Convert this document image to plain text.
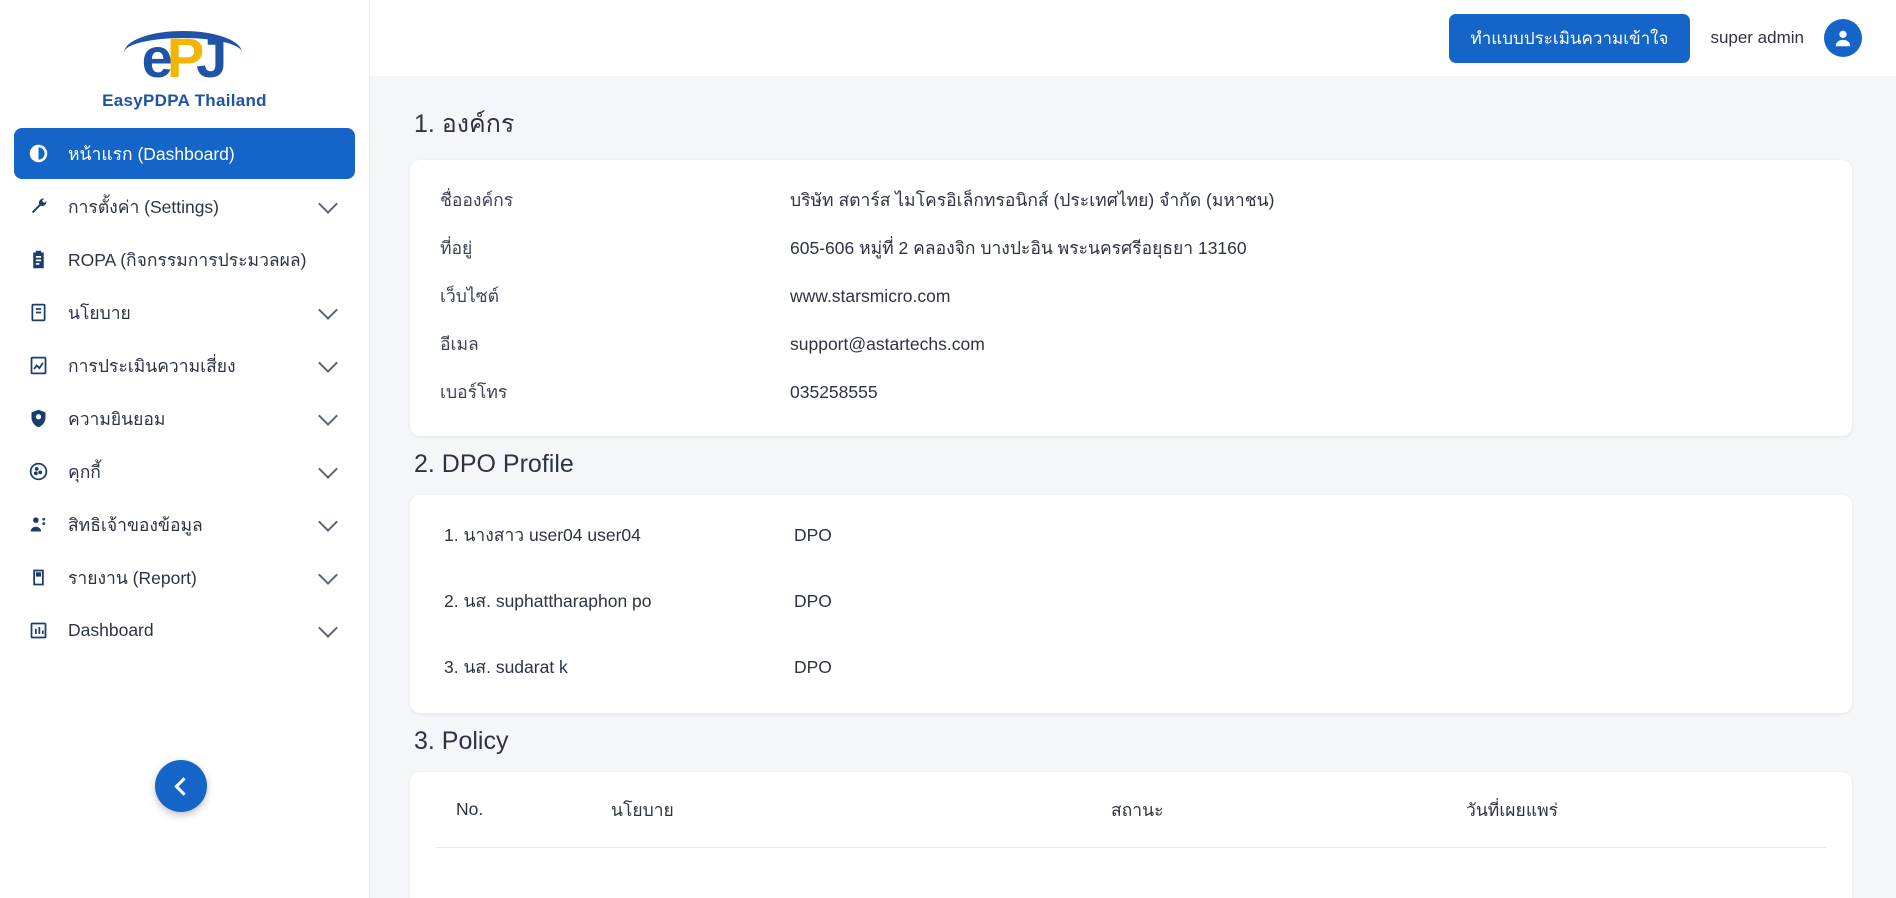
e
P
J
EasyPDPA Thailand
หน้าแรก (Dashboard)
การตั้งค่า (Settings)
ROPA (กิจกรรมการประมวลผล)
นโยบาย
การประเมินความเสี่ยง
ความยินยอม
คุกกี้
สิทธิเจ้าของข้อมูล
รายงาน (Report)
Dashboard
ทำแบบประเมินความเข้าใจ	super admin
1. องค์กร
ชื่อองค์กร	บริษัท สตาร์ส ไมโครอิเล็กทรอนิกส์ (ประเทศไทย) จำกัด (มหาชน)
ที่อยู่	605-606 หมู่ที่ 2 คลองจิก บางปะอิน พระนครศรีอยุธยา 13160
เว็บไซต์	www.starsmicro.com
อีเมล	support@astartechs.com
เบอร์โทร	035258555
2. DPO Profile
1. นางสาว user04 user04	DPO
2. นส. suphattharaphon po	DPO
3. นส. sudarat k	DPO
3. Policy
No.	นโยบาย	สถานะ	วันที่เผยแพร่
